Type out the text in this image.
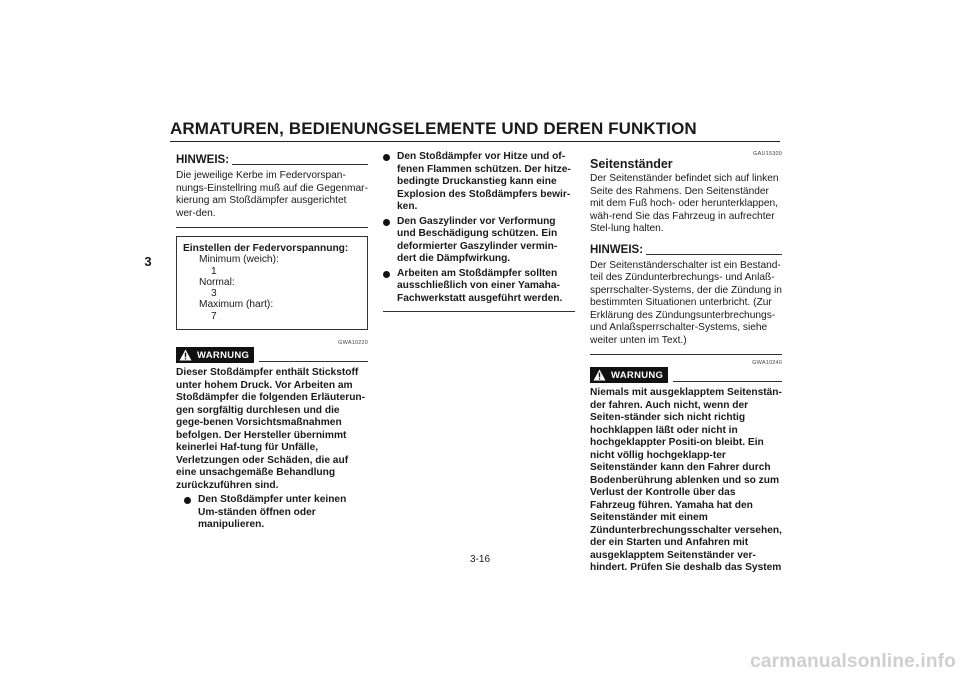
ARMATUREN, BEDIENUNGSELEMENTE UND DEREN FUNKTION
3
HINWEIS:

Die jeweilige Kerbe im Federvorspan-nungs-Einstellring muß auf die Gegenmar-kierung am Stoßdämpfer ausgerichtet wer-den.

Einstellen der Federvorspannung:
Minimum (weich):
1
Normal:
3
Maximum (hart):
7
GWA10220
WARNUNG

Dieser Stoßdämpfer enthält Stickstoff unter hohem Druck. Vor Arbeiten am Stoßdämpfer die folgenden Erläuterun-gen sorgfältig durchlesen und die gege-benen Vorsichtsmaßnahmen befolgen. Der Hersteller übernimmt keinerlei Haf-tung für Unfälle, Verletzungen oder Schäden, die auf eine unsachgemäße Behandlung zurückzuführen sind.

Den Stoßdämpfer unter keinen Um-ständen öffnen oder manipulieren.
Den Stoßdämpfer vor Hitze und of-fenen Flammen schützen. Der hitze-bedingte Druckanstieg kann eine Explosion des Stoßdämpfers bewir-ken.
Den Gaszylinder vor Verformung und Beschädigung schützen. Ein deformierter Gaszylinder vermin-dert die Dämpfwirkung.
Arbeiten am Stoßdämpfer sollten ausschließlich von einer Yamaha-Fachwerkstatt ausgeführt werden.
GAU15300
Seitenständer

Der Seitenständer befindet sich auf linken Seite des Rahmens. Den Seitenständer mit dem Fuß hoch- oder herunterklappen, wäh-rend Sie das Fahrzeug in aufrechter Stel-lung halten.

HINWEIS:

Der Seitenständerschalter ist ein Bestand-teil des Zündunterbrechungs- und Anlaß-sperrschalter-Systems, der die Zündung in bestimmten Situationen unterbricht. (Zur Erklärung des Zündungsunterbrechungs-und Anlaßsperrschalter-Systems, siehe weiter unten im Text.)

GWA10240
WARNUNG

Niemals mit ausgeklapptem Seitenstän-der fahren. Auch nicht, wenn der Seiten-ständer sich nicht richtig hochklappen läßt oder nicht in hochgeklappter Positi-on bleibt. Ein nicht völlig hochgeklapp-ter Seitenständer kann den Fahrer durch Bodenberührung ablenken und so zum Verlust der Kontrolle über das Fahrzeug führen. Yamaha hat den Seitenständer mit einem Zündunterbrechungsschalter versehen, der ein Starten und Anfahren mit ausgeklapptem Seitenständer ver-hindert. Prüfen Sie deshalb das System

3-16
carmanualsonline.info
